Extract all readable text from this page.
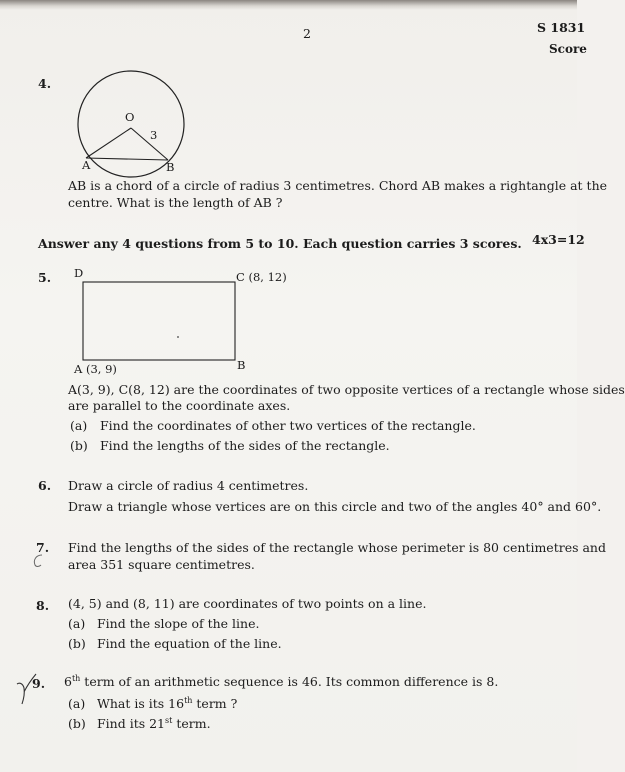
2	S 1831
Score
4.
O
3
A	B
AB is a chord of a circle of radius 3 centimetres. Chord AB makes a rightangle at the
centre. What is the length of AB ?
Answer any 4 questions from 5 to 10. Each question carries 3 scores. 4x3=12
5. D	C (8, 12)
A (3, 9)	B
A(3, 9), C(8, 12) are the coordinates of two opposite vertices of a rectangle whose sides
are parallel to the coordinate axes.
(a) Find the coordinates of other two vertices of the rectangle.
(b) Find the lengths of the sides of the rectangle.
6. Draw a circle of radius 4 centimetres.
Draw a triangle whose vertices are on this circle and two of the angles 40° and 60°.
7. Find the lengths of the sides of the rectangle whose perimeter is 80 centimetres and
area 351 square centimetres.
8. (4, 5) and (8, 11) are coordinates of two points on a line.
(a) Find the slope of the line.
(b) Find the equation of the line.
9. 6th term of an arithmetic sequence is 46. Its common difference is 8.
(a) What is its 16th term ?
(b) Find its 21st term.
